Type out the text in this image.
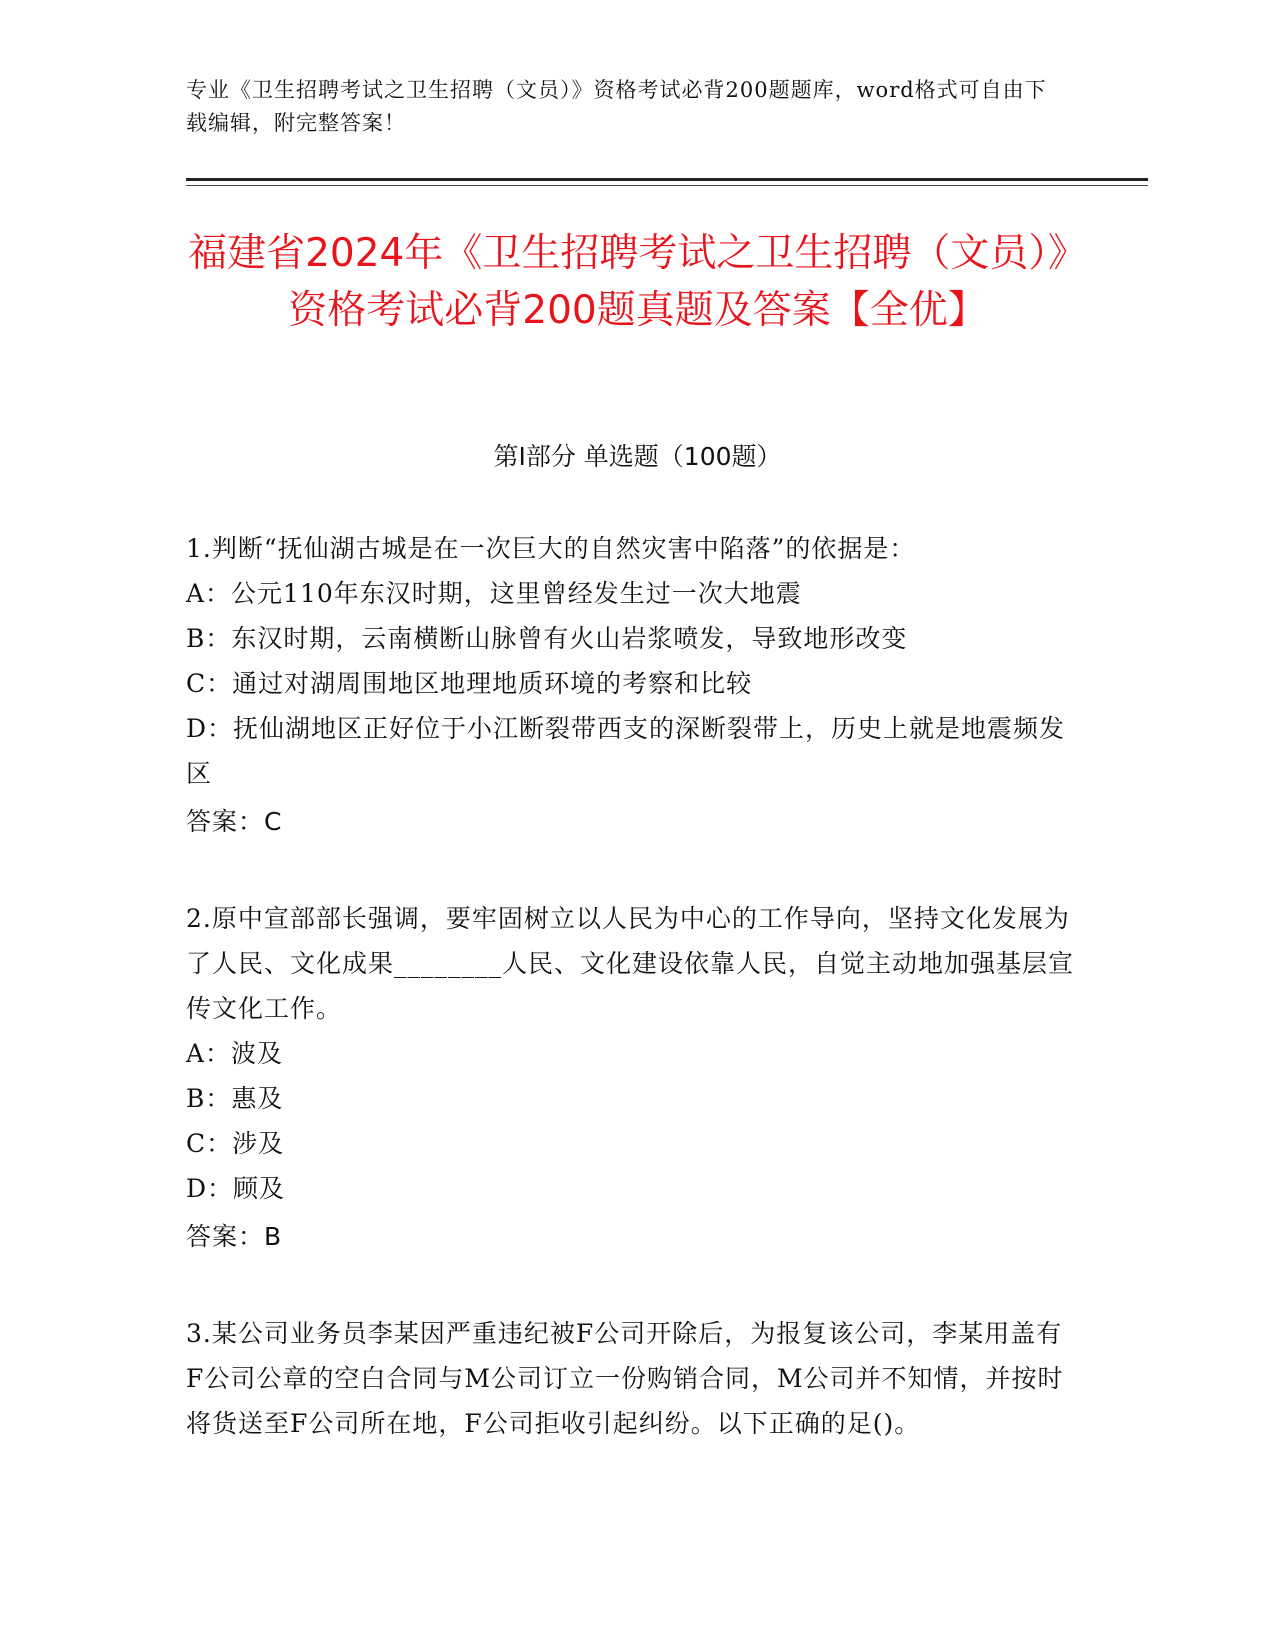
专业《卫生招聘考试之卫生招聘（文员）》资格考试必背200题题库，word格式可自由下载编辑，附完整答案！
福建省2024年《卫生招聘考试之卫生招聘（文员）》资格考试必背200题真题及答案【全优】
第I部分 单选题（100题）

1.判断“抚仙湖古城是在一次巨大的自然灾害中陷落”的依据是：

A：公元110年东汉时期，这里曾经发生过一次大地震

B：东汉时期，云南横断山脉曾有火山岩浆喷发，导致地形改变

C：通过对湖周围地区地理地质环境的考察和比较

D：抚仙湖地区正好位于小江断裂带西支的深断裂带上，历史上就是地震频发区

答案：C

2.原中宣部部长强调，要牢固树立以人民为中心的工作导向，坚持文化发展为了人民、文化成果________人民、文化建设依靠人民，自觉主动地加强基层宣传文化工作。

A：波及

B：惠及

C：涉及

D：顾及

答案：B

3.某公司业务员李某因严重违纪被F公司开除后，为报复该公司，李某用盖有F公司公章的空白合同与M公司订立一份购销合同，M公司并不知情，并按时将货送至F公司所在地，F公司拒收引起纠纷。以下正确的足()。
